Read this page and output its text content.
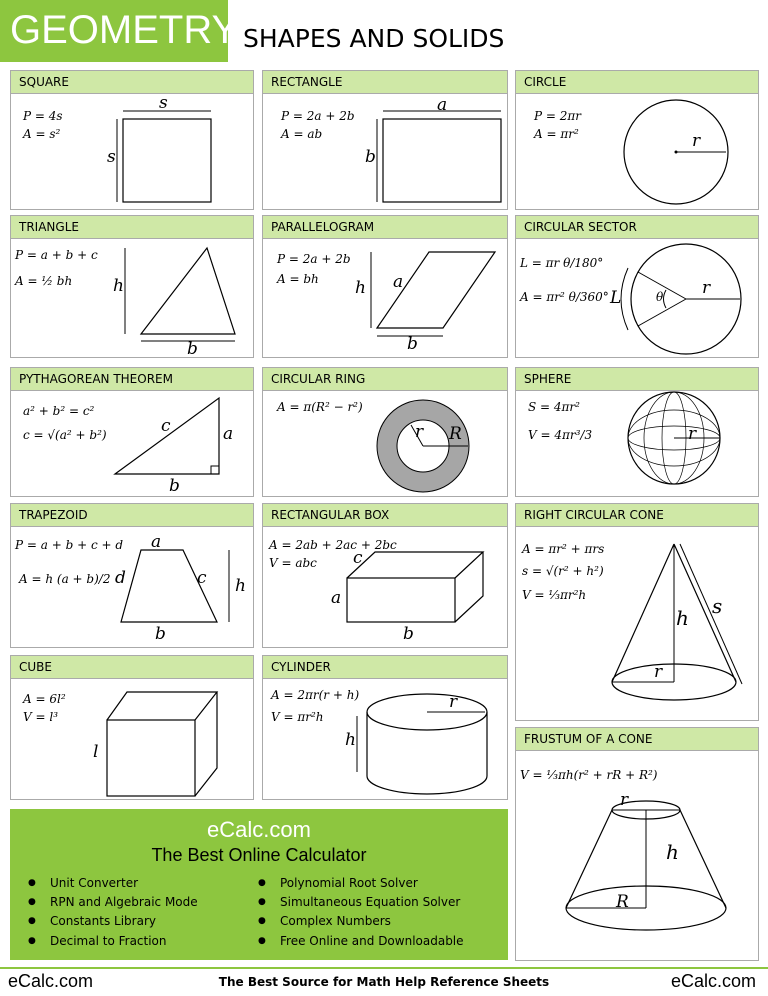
GEOMETRY SHAPES AND SOLIDS
SQUARE
P = 4s
A = s²
s
s
RECTANGLE
P = 2a + 2b
A = ab
a
b
CIRCLE
P = 2πr
A = πr²	r
TRIANGLE
P = a + b + c
A = ½ bh h
b
PARALLELOGRAM
P = 2a + 2b
A = bh h a
b
CIRCULAR SECTOR
L = πr θ/180°
A = πr² θ/360° L	θ r
PYTHAGOREAN THEOREM
a² + b² = c²
c = √(a² + b²)	c	a
b
CIRCULAR RING
A = π(R² − r²)
r R
SPHERE
S = 4πr²
V = 4πr³/3	r
TRAPEZOID
P = a + b + c + d
A = h (a + b)/2
a
d	c h
b
RECTANGULAR BOX
A = 2ab + 2ac + 2bc
V = abc c
a
b
RIGHT CIRCULAR CONE
A = πr² + πrs
s = √(r² + h²)
V = ⅓πr²h
h s
r
CUBE
A = 6l²
V = l³
l
CYLINDER
A = 2πr(r + h)
V = πr²h
r
h	FRUSTUM OF A CONE
V = ⅓πh(r² + rR + R²)
r
h
R
eCalc.com
The Best Online Calculator
● Unit Converter
● RPN and Algebraic Mode
● Constants Library
● Decimal to Fraction
● Polynomial Root Solver
● Simultaneous Equation Solver
● Complex Numbers
● Free Online and Downloadable
eCalc.com	The Best Source for Math Help Reference Sheets	eCalc.com
